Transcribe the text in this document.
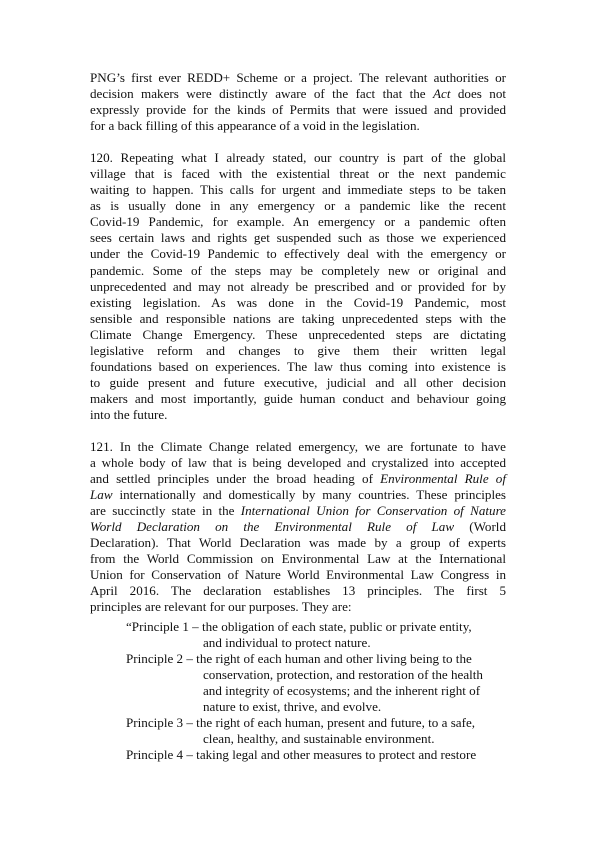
PNG’s first ever REDD+ Scheme or a project. The relevant authorities or
decision makers were distinctly aware of the fact that the Act does not
expressly provide for the kinds of Permits that were issued and provided
for a back filling of this appearance of a void in the legislation.
120. Repeating what I already stated, our country is part of the global
village that is faced with the existential threat or the next pandemic
waiting to happen. This calls for urgent and immediate steps to be taken
as is usually done in any emergency or a pandemic like the recent
Covid-19 Pandemic, for example. An emergency or a pandemic often
sees certain laws and rights get suspended such as those we experienced
under the Covid-19 Pandemic to effectively deal with the emergency or
pandemic. Some of the steps may be completely new or original and
unprecedented and may not already be prescribed and or provided for by
existing legislation. As was done in the Covid-19 Pandemic, most
sensible and responsible nations are taking unprecedented steps with the
Climate Change Emergency. These unprecedented steps are dictating
legislative reform and changes to give them their written legal
foundations based on experiences. The law thus coming into existence is
to guide present and future executive, judicial and all other decision
makers and most importantly, guide human conduct and behaviour going
into the future.
121. In the Climate Change related emergency, we are fortunate to have
a whole body of law that is being developed and crystalized into accepted
and settled principles under the broad heading of Environmental Rule of
Law internationally and domestically by many countries. These principles
are succinctly state in the International Union for Conservation of Nature
World Declaration on the Environmental Rule of Law (World
Declaration). That World Declaration was made by a group of experts
from the World Commission on Environmental Law at the International
Union for Conservation of Nature World Environmental Law Congress in
April 2016. The declaration establishes 13 principles. The first 5
principles are relevant for our purposes. They are:
“Principle 1 – the obligation of each state, public or private entity,
and individual to protect nature.
Principle 2 – the right of each human and other living being to the
conservation, protection, and restoration of the health
and integrity of ecosystems; and the inherent right of
nature to exist, thrive, and evolve.
Principle 3 – the right of each human, present and future, to a safe,
clean, healthy, and sustainable environment.
Principle 4 – taking legal and other measures to protect and restore
